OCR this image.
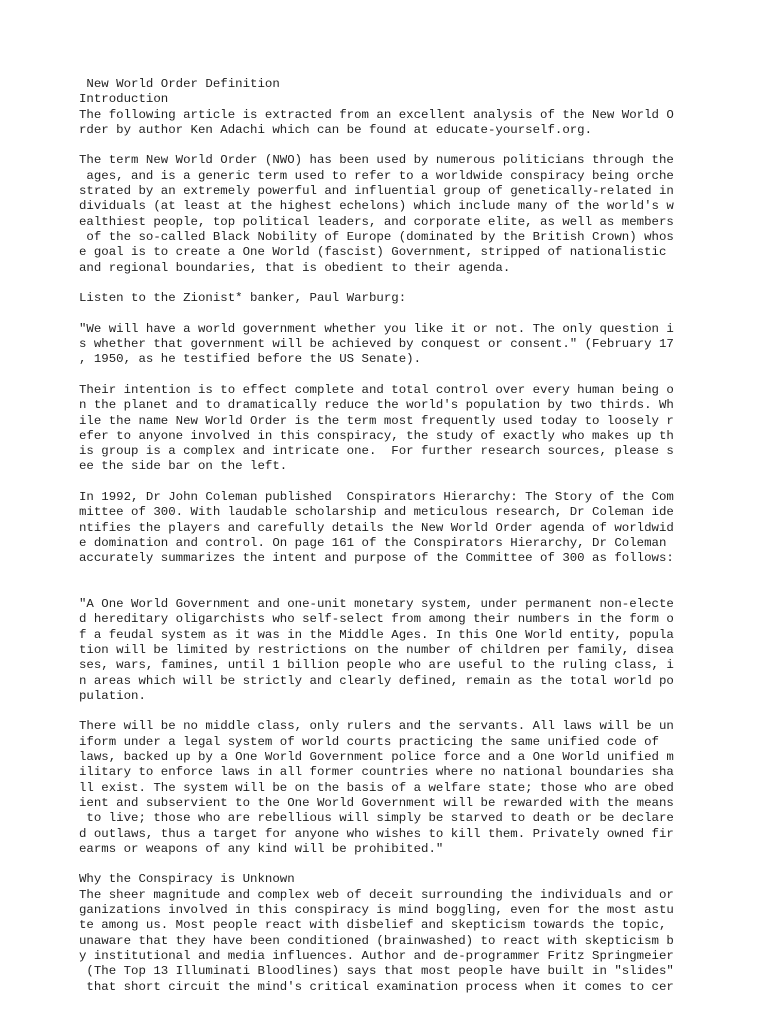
New World Order Definition
Introduction
The following article is extracted from an excellent analysis of the New World O
rder by author Ken Adachi which can be found at educate-yourself.org.
The term New World Order (NWO) has been used by numerous politicians through the
ages, and is a generic term used to refer to a worldwide conspiracy being orche
strated by an extremely powerful and influential group of genetically-related in
dividuals (at least at the highest echelons) which include many of the world's w
ealthiest people, top political leaders, and corporate elite, as well as members
of the so-called Black Nobility of Europe (dominated by the British Crown) whos
e goal is to create a One World (fascist) Government, stripped of nationalistic
and regional boundaries, that is obedient to their agenda.
Listen to the Zionist* banker, Paul Warburg:
"We will have a world government whether you like it or not. The only question i
s whether that government will be achieved by conquest or consent." (February 17
, 1950, as he testified before the US Senate).
Their intention is to effect complete and total control over every human being o
n the planet and to dramatically reduce the world's population by two thirds. Wh
ile the name New World Order is the term most frequently used today to loosely r
efer to anyone involved in this conspiracy, the study of exactly who makes up th
is group is a complex and intricate one.  For further research sources, please s
ee the side bar on the left.
In 1992, Dr John Coleman published  Conspirators Hierarchy: The Story of the Com
mittee of 300. With laudable scholarship and meticulous research, Dr Coleman ide
ntifies the players and carefully details the New World Order agenda of worldwid
e domination and control. On page 161 of the Conspirators Hierarchy, Dr Coleman
accurately summarizes the intent and purpose of the Committee of 300 as follows:
"A One World Government and one-unit monetary system, under permanent non-electe
d hereditary oligarchists who self-select from among their numbers in the form o
f a feudal system as it was in the Middle Ages. In this One World entity, popula
tion will be limited by restrictions on the number of children per family, disea
ses, wars, famines, until 1 billion people who are useful to the ruling class, i
n areas which will be strictly and clearly defined, remain as the total world po
pulation.
There will be no middle class, only rulers and the servants. All laws will be un
iform under a legal system of world courts practicing the same unified code of
laws, backed up by a One World Government police force and a One World unified m
ilitary to enforce laws in all former countries where no national boundaries sha
ll exist. The system will be on the basis of a welfare state; those who are obed
ient and subservient to the One World Government will be rewarded with the means
to live; those who are rebellious will simply be starved to death or be declare
d outlaws, thus a target for anyone who wishes to kill them. Privately owned fir
earms or weapons of any kind will be prohibited."
Why the Conspiracy is Unknown
The sheer magnitude and complex web of deceit surrounding the individuals and or
ganizations involved in this conspiracy is mind boggling, even for the most astu
te among us. Most people react with disbelief and skepticism towards the topic,
unaware that they have been conditioned (brainwashed) to react with skepticism b
y institutional and media influences. Author and de-programmer Fritz Springmeier
(The Top 13 Illuminati Bloodlines) says that most people have built in "slides"
that short circuit the mind's critical examination process when it comes to cer
